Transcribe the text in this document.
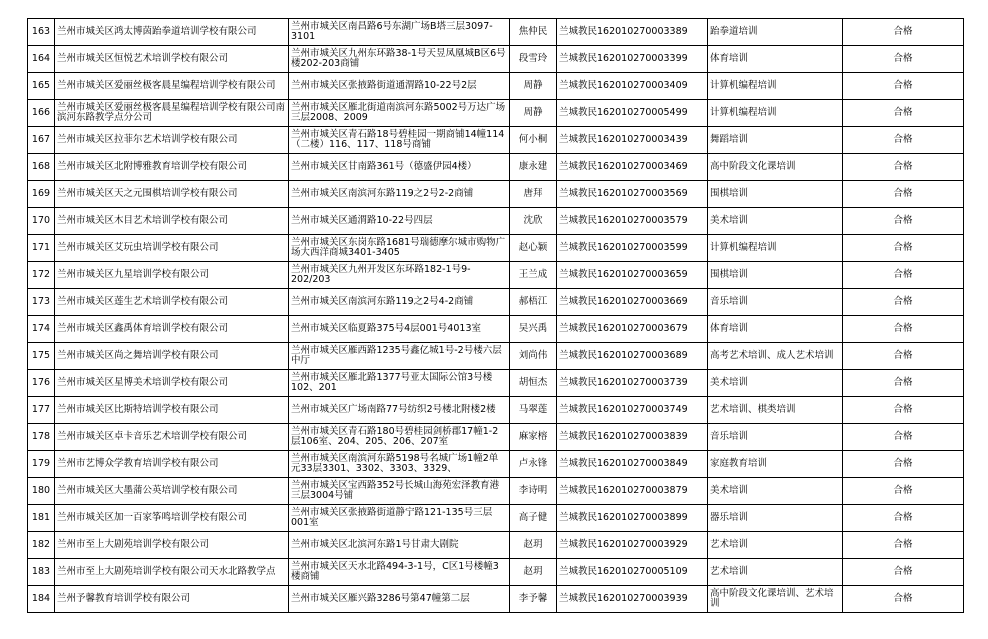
163	兰州市城关区鸿太博茵跆拳道培训学校有限公司	兰州市城关区南昌路6号东湖广场B塔三层3097-3101	焦仲民	兰城教民162010270003389	跆拳道培训	合格
164	兰州市城关区恒悦艺术培训学校有限公司	兰州市城关区九州东环路38-1号天昱凤凰城B区6号楼202-203商铺	段雪玲	兰城教民162010270003399	体育培训	合格
165	兰州市城关区爱丽丝极客晨星编程培训学校有限公司	兰州市城关区张掖路街道通渭路10-22号2层	周静	兰城教民162010270003409	计算机编程培训	合格
166	兰州市城关区爱丽丝极客晨星编程培训学校有限公司南滨河东路教学点分公司	兰州市城关区雁北街道南滨河东路5002号万达广场三层2008、2009	周静	兰城教民162010270005499	计算机编程培训	合格
167	兰州市城关区拉菲尔艺术培训学校有限公司	兰州市城关区青石路18号碧桂园一期商铺14幢114（二楼）116、117、118号商铺	何小桐	兰城教民162010270003439	舞蹈培训	合格
168	兰州市城关区北附博雅教育培训学校有限公司	兰州市城关区甘南路361号（德盛伊园4楼）	康永建	兰城教民162010270003469	高中阶段文化课培训	合格
169	兰州市城关区天之元围棋培训学校有限公司	兰州市城关区南滨河东路119之2号2-2商铺	唐拜	兰城教民162010270003569	围棋培训	合格
170	兰州市城关区木目艺术培训学校有限公司	兰州市城关区通渭路10-22号四层	沈欣	兰城教民162010270003579	美术培训	合格
171	兰州市城关区艾玩虫培训学校有限公司	兰州市城关区东岗东路1681号瑞德摩尔城市购物广场大西洋商城3401-3405	赵心颖	兰城教民162010270003599	计算机编程培训	合格
172	兰州市城关区九星培训学校有限公司	兰州市城关区九州开发区东环路182-1号9-202/203	王兰成	兰城教民162010270003659	围棋培训	合格
173	兰州市城关区莲生艺术培训学校有限公司	兰州市城关区南滨河东路119之2号4-2商铺	郝梧江	兰城教民162010270003669	音乐培训	合格
174	兰州市城关区鑫禹体育培训学校有限公司	兰州市城关区临夏路375号4层001号4013室	吴兴禹	兰城教民162010270003679	体育培训	合格
175	兰州市城关区尚之舞培训学校有限公司	兰州市城关区雁西路1235号鑫亿城1号-2号楼六层中厅	刘尚伟	兰城教民162010270003689	高考艺术培训、成人艺术培训	合格
176	兰州市城关区星博美术培训学校有限公司	兰州市城关区雁北路1377号亚太国际公馆3号楼102、201	胡恒杰	兰城教民162010270003739	美术培训	合格
177	兰州市城关区比斯特培训学校有限公司	兰州市城关区广场南路77号纺织2号楼北附楼2楼	马翠莲	兰城教民162010270003749	艺术培训、棋类培训	合格
178	兰州市城关区卓卡音乐艺术培训学校有限公司	兰州市城关区青石路180号碧桂园剑桥郡17幢1-2层106室、204、205、206、207室	麻家榕	兰城教民162010270003839	音乐培训	合格
179	兰州市艺博众学教育培训学校有限公司	兰州市城关区南滨河东路5198号名城广场1幢2单元33层3301、3302、3303、3329、	卢永锋	兰城教民162010270003849	家庭教育培训	合格
180	兰州市城关区大墨蒲公英培训学校有限公司	兰州市城关区宝西路352号长城山海苑宏泽教育港三层3004号铺	李诗明	兰城教民162010270003879	美术培训	合格
181	兰州市城关区加一百家筝鸣培训学校有限公司	兰州市城关区张掖路街道静宁路121-135号三层001室	高子健	兰城教民162010270003899	器乐培训	合格
182	兰州市至上大剧苑培训学校有限公司	兰州市城关区北滨河东路1号甘肃大剧院	赵玥	兰城教民162010270003929	艺术培训	合格
183	兰州市至上大剧苑培训学校有限公司天水北路教学点	兰州市城关区天水北路494-3-1号，C区1号楼幢3楼商铺	赵玥	兰城教民162010270005109	艺术培训	合格
184	兰州予馨教育培训学校有限公司	兰州市城关区雁兴路3286号第47幢第二层	李予馨	兰城教民162010270003939	高中阶段文化课培训、艺术培训	合格
